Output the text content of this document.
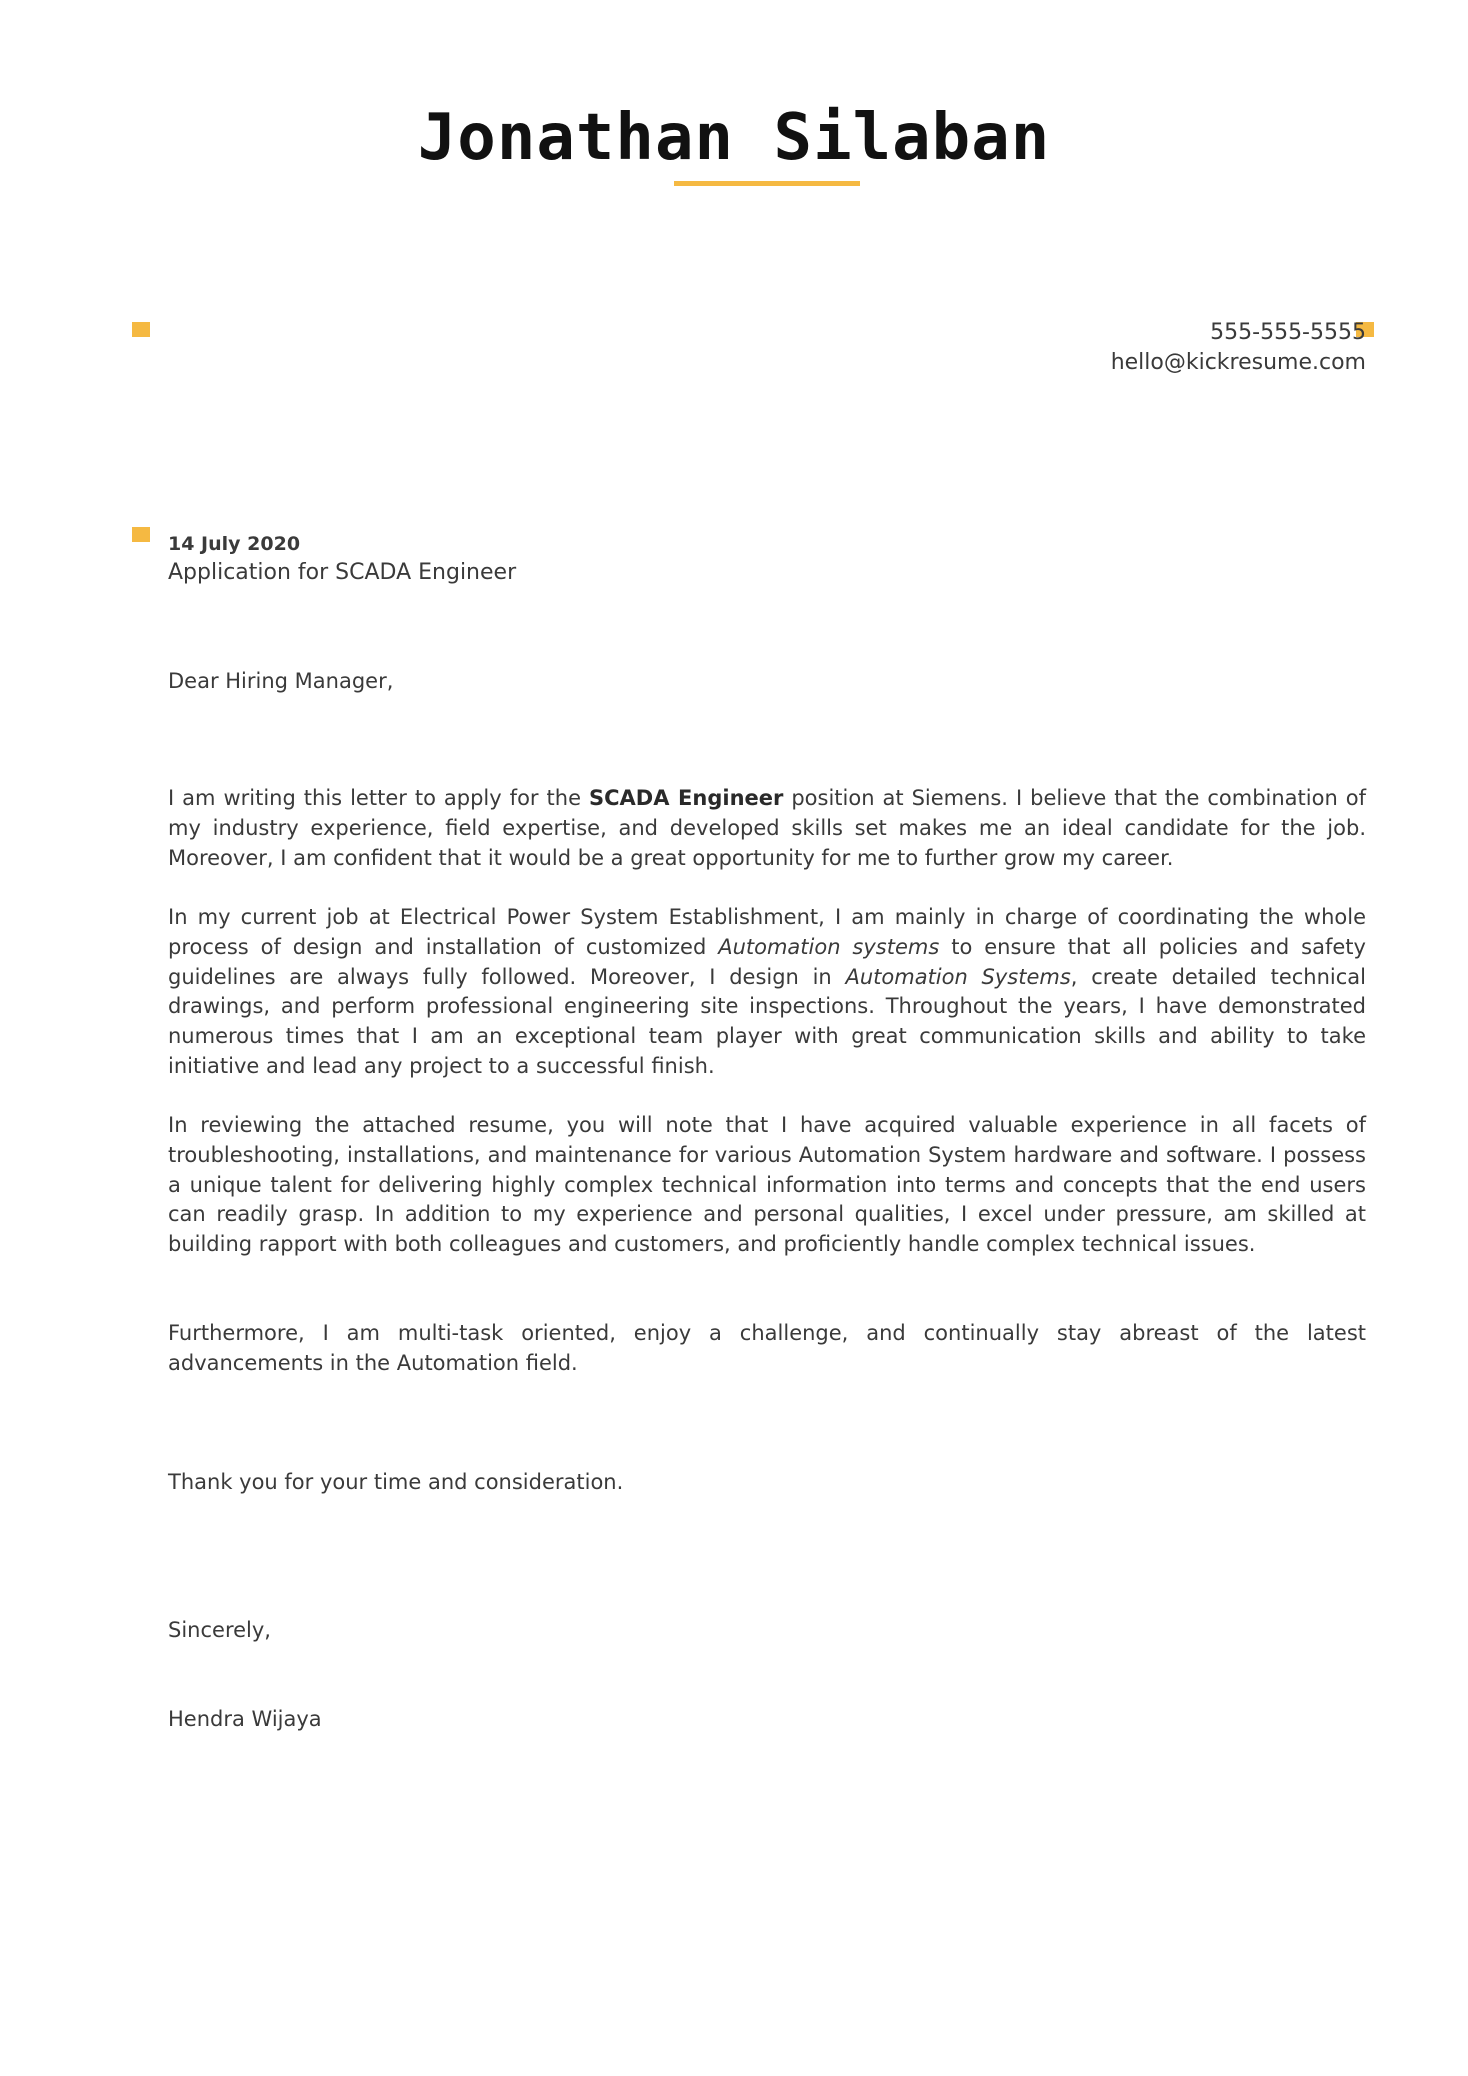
Jonathan Silaban
555-555-5555
hello@kickresume.com
14 July 2020
Application for SCADA Engineer
Dear Hiring Manager,

I am writing this letter to apply for the SCADA Engineer position at Siemens. I believe that the combination of my industry experience, field expertise, and developed skills set makes me an ideal candidate for the job. Moreover, I am confident that it would be a great opportunity for me to further grow my career.

In my current job at Electrical Power System Establishment, I am mainly in charge of coordinating the whole process of design and installation of customized Automation systems to ensure that all policies and safety guidelines are always fully followed. Moreover, I design in Automation Systems, create detailed technical drawings, and perform professional engineering site inspections. Throughout the years, I have demonstrated numerous times that I am an exceptional team player with great communication skills and ability to take initiative and lead any project to a successful finish.

In reviewing the attached resume, you will note that I have acquired valuable experience in all facets of troubleshooting, installations, and maintenance for various Automation System hardware and software. I possess a unique talent for delivering highly complex technical information into terms and concepts that the end users can readily grasp. In addition to my experience and personal qualities, I excel under pressure, am skilled at building rapport with both colleagues and customers, and proficiently handle complex technical issues.

Furthermore, I am multi-task oriented, enjoy a challenge, and continually stay abreast of the latest advancements in the Automation field.

Thank you for your time and consideration.
Sincerely,
Hendra Wijaya
